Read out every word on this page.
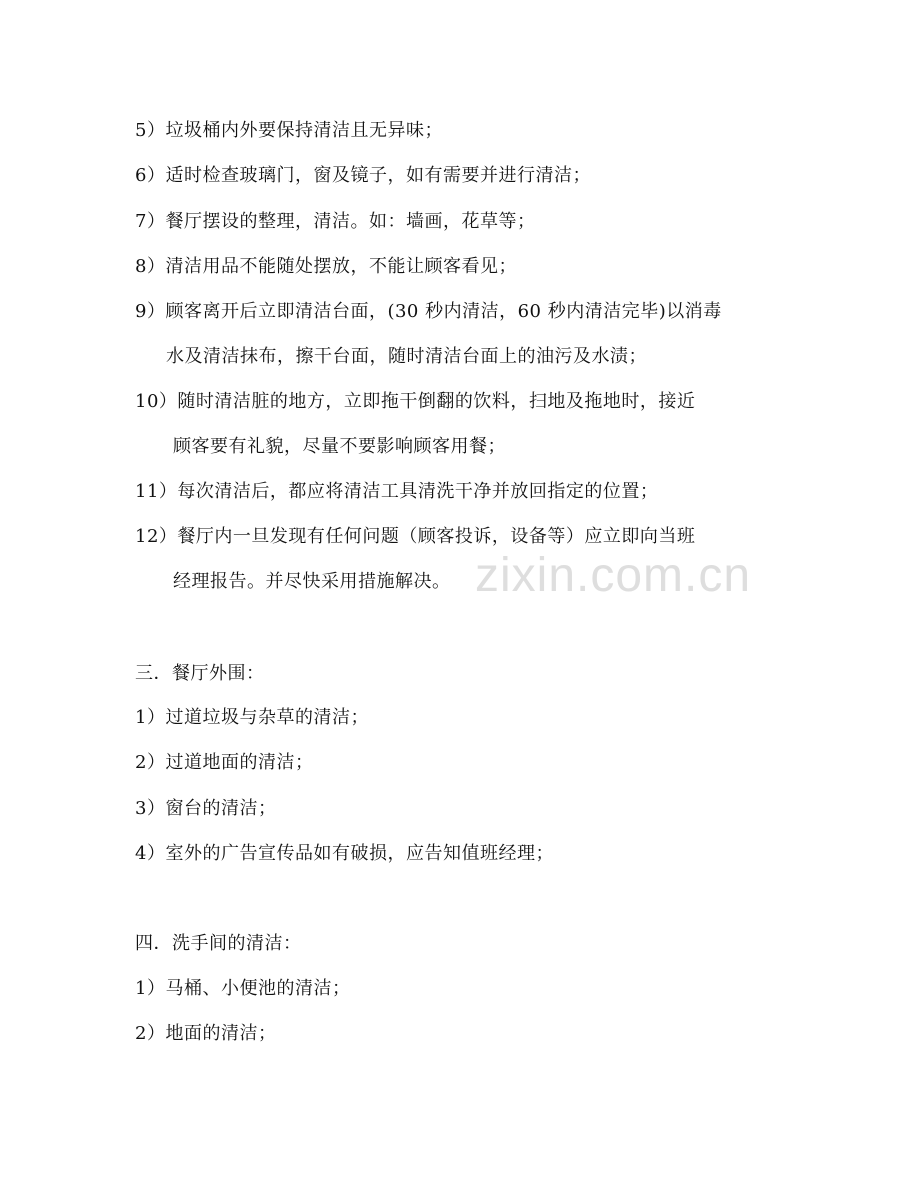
5）垃圾桶内外要保持清洁且无异味；
6）适时检查玻璃门，窗及镜子，如有需要并进行清洁；
7）餐厅摆设的整理，清洁。如：墙画，花草等；
8）清洁用品不能随处摆放，不能让顾客看见；
9）顾客离开后立即清洁台面，(30 秒内清洁，60 秒内清洁完毕)以消毒
水及清洁抹布，擦干台面，随时清洁台面上的油污及水渍；
10）随时清洁脏的地方，立即拖干倒翻的饮料，扫地及拖地时，接近
顾客要有礼貌，尽量不要影响顾客用餐；
11）每次清洁后，都应将清洁工具清洗干净并放回指定的位置；
12）餐厅内一旦发现有任何问题（顾客投诉，设备等）应立即向当班
经理报告。并尽快采用措施解决。
三．餐厅外围：
1）过道垃圾与杂草的清洁；
2）过道地面的清洁；
3）窗台的清洁；
4）室外的广告宣传品如有破损，应告知值班经理；
四．洗手间的清洁：
1）马桶、小便池的清洁；
2）地面的清洁；
zixin.com.cn
